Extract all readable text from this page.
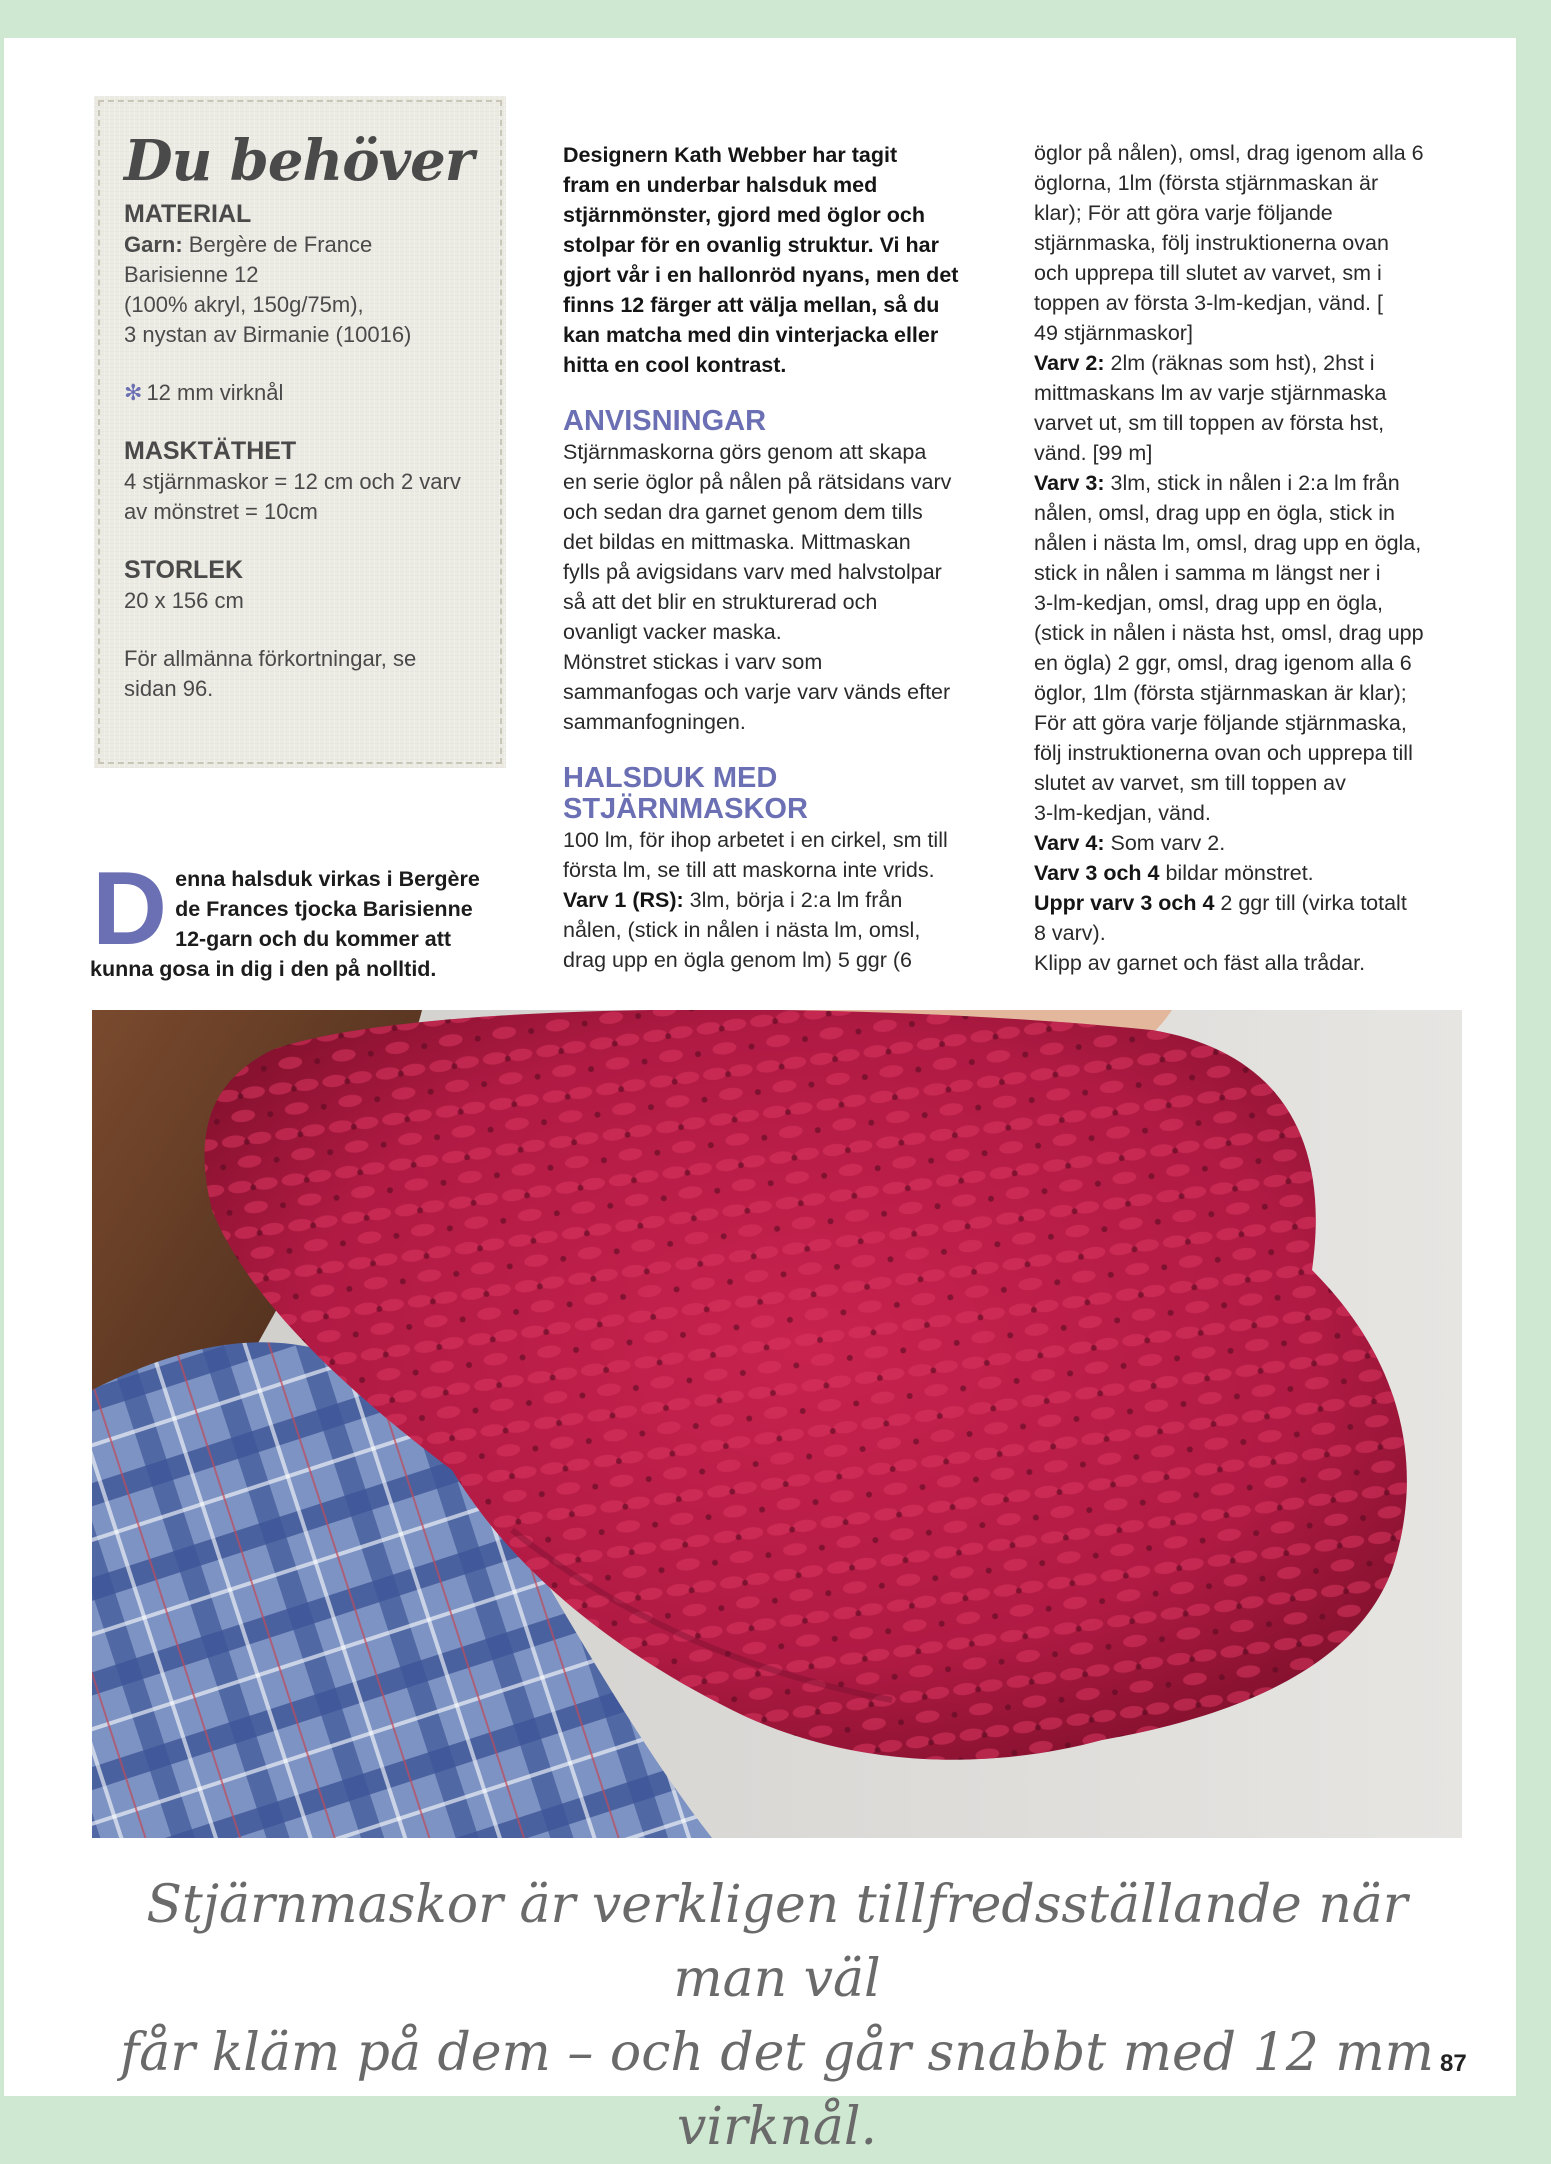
Du behöver

MATERIAL

Garn: Bergère de France

Barisienne 12

(100% akryl, 150g/75m),

3 nystan av Birmanie (10016)

✻ 12 mm virknål

MASKTÄTHET

4 stjärnmaskor = 12 cm och 2 varv

av mönstret = 10cm

STORLEK

20 x 156 cm

För allmänna förkortningar, se

sidan 96.

D enna halsduk virkas i Bergère
de Frances tjocka Barisienne
12-garn och du kommer att
kunna gosa in dig i den på nolltid.

Designern Kath Webber har tagit

fram en underbar halsduk med

stjärnmönster, gjord med öglor och

stolpar för en ovanlig struktur. Vi har

gjort vår i en hallonröd nyans, men det

finns 12 färger att välja mellan, så du

kan matcha med din vinterjacka eller

hitta en cool kontrast.

ANVISNINGAR

Stjärnmaskorna görs genom att skapa

en serie öglor på nålen på rätsidans varv

och sedan dra garnet genom dem tills

det bildas en mittmaska. Mittmaskan

fylls på avigsidans varv med halvstolpar

så att det blir en strukturerad och

ovanligt vacker maska.

Mönstret stickas i varv som

sammanfogas och varje varv vänds efter

sammanfogningen.

HALSDUK MED
STJÄRNMASKOR

100 lm, för ihop arbetet i en cirkel, sm till

första lm, se till att maskorna inte vrids.

Varv 1 (RS): 3lm, börja i 2:a lm från

nålen, (stick in nålen i nästa lm, omsl,

drag upp en ögla genom lm) 5 ggr (6

öglor på nålen), omsl, drag igenom alla 6

öglorna, 1lm (första stjärnmaskan är

klar); För att göra varje följande

stjärnmaska, följ instruktionerna ovan

och upprepa till slutet av varvet, sm i

toppen av första 3-lm-kedjan, vänd. [

49 stjärnmaskor]

Varv 2: 2lm (räknas som hst), 2hst i

mittmaskans lm av varje stjärnmaska

varvet ut, sm till toppen av första hst,

vänd. [99 m]

Varv 3: 3lm, stick in nålen i 2:a lm från

nålen, omsl, drag upp en ögla, stick in

nålen i nästa lm, omsl, drag upp en ögla,

stick in nålen i samma m längst ner i

3-lm-kedjan, omsl, drag upp en ögla,

(stick in nålen i nästa hst, omsl, drag upp

en ögla) 2 ggr, omsl, drag igenom alla 6

öglor, 1lm (första stjärnmaskan är klar);

För att göra varje följande stjärnmaska,

följ instruktionerna ovan och upprepa till

slutet av varvet, sm till toppen av

3-lm-kedjan, vänd.

Varv 4: Som varv 2.

Varv 3 och 4 bildar mönstret.

Uppr varv 3 och 4 2 ggr till (virka totalt

8 varv).

Klipp av garnet och fäst alla trådar.

Stjärnmaskor är verkligen tillfredsställande när man väl
får kläm på dem – och det går snabbt med 12 mm virknål.
87
